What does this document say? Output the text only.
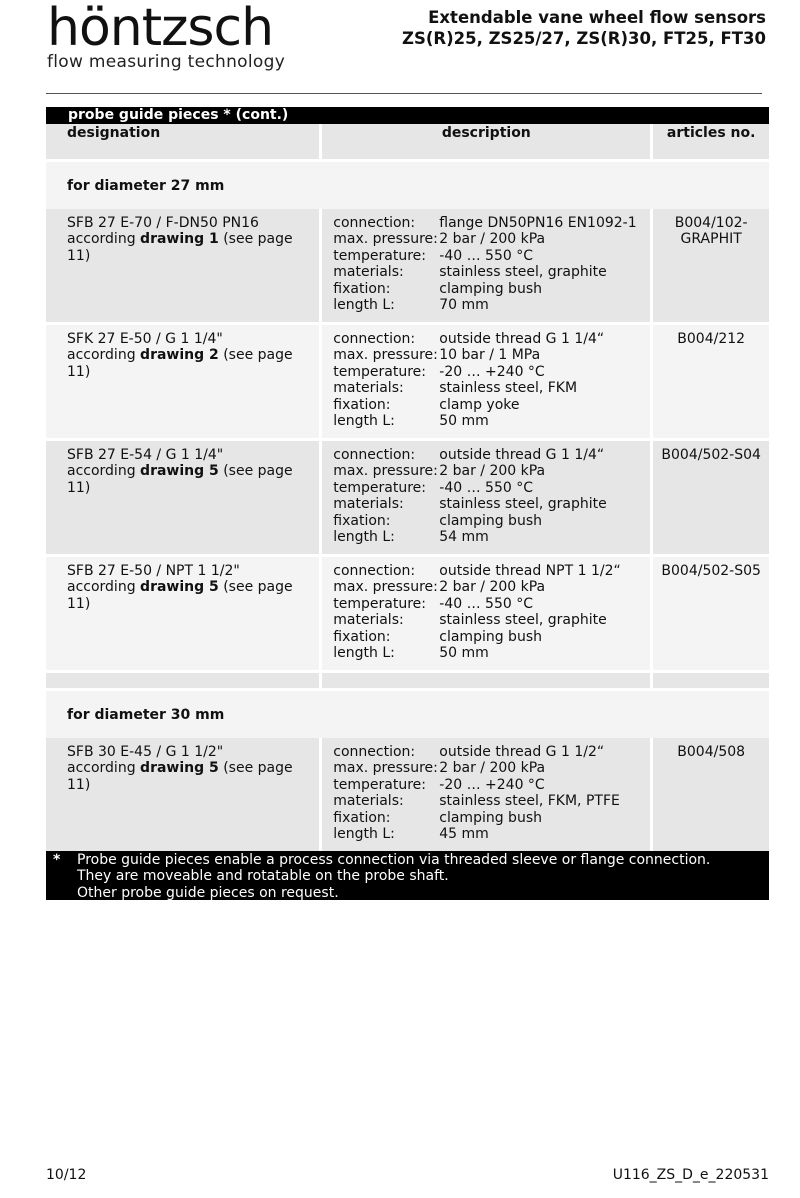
höntzsch
flow measuring technology
Extendable vane wheel flow sensors
ZS(R)25, ZS25/27, ZS(R)30, FT25, FT30
probe guide pieces * (cont.)
designation	description	articles no.
for diameter 27 mm
SFB 27 E-70 / F-DN50 PN16
according drawing 1 (see page 11)
connection:	flange DN50PN16 EN1092-1
max. pressure: 2 bar / 200 kPa
temperature: -40 … 550 °C
materials:	stainless steel, graphite
fixation:	clamping bush
length L:	70 mm
B004/102-
GRAPHIT
SFK 27 E-50 / G 1 1/4"
according drawing 2 (see page 11)
connection:	outside thread G 1 1/4“
max. pressure: 10 bar / 1 MPa
temperature: -20 … +240 °C
materials:	stainless steel, FKM
fixation:	clamp yoke
length L:	50 mm
B004/212
SFB 27 E-54 / G 1 1/4"
according drawing 5 (see page 11)
connection:	outside thread G 1 1/4“
max. pressure: 2 bar / 200 kPa
temperature: -40 … 550 °C
materials:	stainless steel, graphite
fixation:	clamping bush
length L:	54 mm
B004/502-S04
SFB 27 E-50 / NPT 1 1/2"
according drawing 5 (see page 11)
connection:	outside thread NPT 1 1/2“
max. pressure: 2 bar / 200 kPa
temperature: -40 … 550 °C
materials:	stainless steel, graphite
fixation:	clamping bush
length L:	50 mm
B004/502-S05
for diameter 30 mm
SFB 30 E-45 / G 1 1/2"
according drawing 5 (see page 11)
connection:	outside thread G 1 1/2“
max. pressure: 2 bar / 200 kPa
temperature: -20 … +240 °C
materials:	stainless steel, FKM, PTFE
fixation:	clamping bush
length L:	45 mm
B004/508
* Probe guide pieces enable a process connection via threaded sleeve or flange connection.
They are moveable and rotatable on the probe shaft.
Other probe guide pieces on request.
10/12	U116_ZS_D_e_220531
